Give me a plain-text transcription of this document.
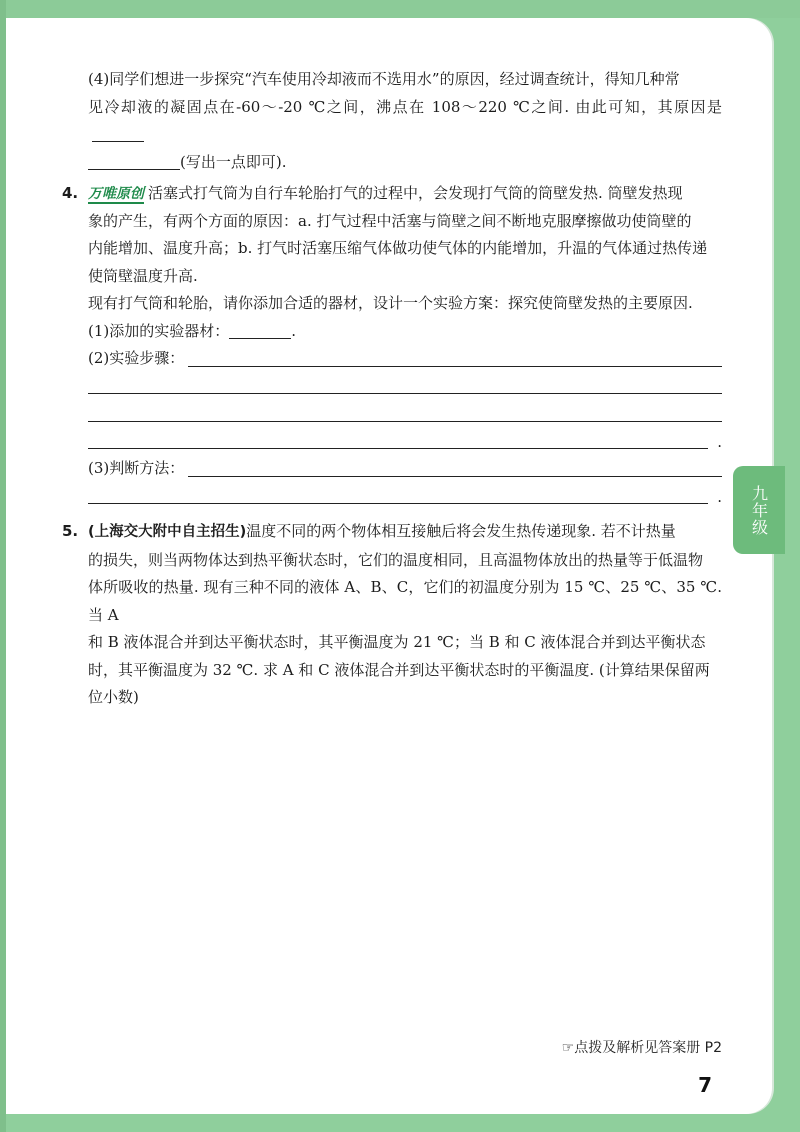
九年级

(4)同学们想进一步探究“汽车使用冷却液而不选用水”的原因，经过调查统计，得知几种常

见冷却液的凝固点在-60～-20 ℃之间，沸点在 108～220 ℃之间. 由此可知，其原因是

(写出一点即可).

4. 万唯原创 活塞式打气筒为自行车轮胎打气的过程中，会发现打气筒的筒壁发热. 筒壁发热现

象的产生，有两个方面的原因：a. 打气过程中活塞与筒壁之间不断地克服摩擦做功使筒壁的

内能增加、温度升高；b. 打气时活塞压缩气体做功使气体的内能增加，升温的气体通过热传递

使筒壁温度升高.

现有打气筒和轮胎，请你添加合适的器材，设计一个实验方案：探究使筒壁发热的主要原因.

(1)添加的实验器材：	.

(2)实验步骤：
.
(3)判断方法：
.

5. (上海交大附中自主招生)温度不同的两个物体相互接触后将会发生热传递现象. 若不计热量

的损失，则当两物体达到热平衡状态时，它们的温度相同，且高温物体放出的热量等于低温物

体所吸收的热量. 现有三种不同的液体 A、B、C，它们的初温度分别为 15 ℃、25 ℃、35 ℃. 当 A

和 B 液体混合并到达平衡状态时，其平衡温度为 21 ℃；当 B 和 C 液体混合并到达平衡状态

时，其平衡温度为 32 ℃. 求 A 和 C 液体混合并到达平衡状态时的平衡温度. (计算结果保留两

位小数)

☞点拨及解析见答案册 P2
7
